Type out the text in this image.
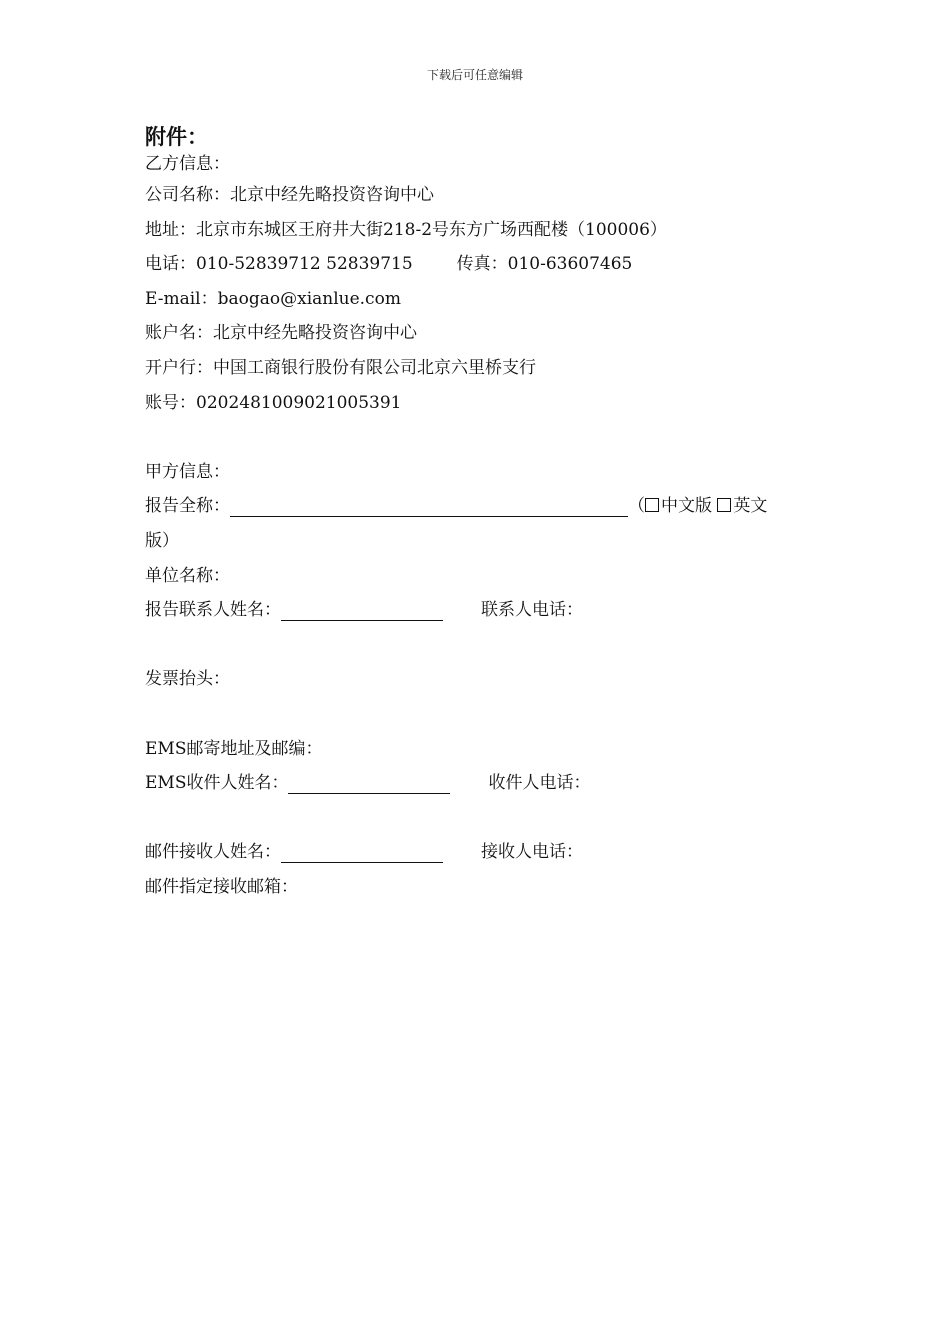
下载后可任意编辑
附件：
乙方信息：
公司名称：北京中经先略投资咨询中心
地址：北京市东城区王府井大街218-2号东方广场西配楼（100006）
电话：010-52839712 52839715	传真：010-63607465
E-mail：baogao@xianlue.com
账户名：北京中经先略投资咨询中心
开户行：中国工商银行股份有限公司北京六里桥支行
账号：0202481009021005391
甲方信息：
报告全称：	（ 中文版 英文
版）
单位名称：
报告联系人姓名：	联系人电话：
发票抬头：
EMS邮寄地址及邮编：
EMS收件人姓名：	收件人电话：
邮件接收人姓名：	接收人电话：
邮件指定接收邮箱：
